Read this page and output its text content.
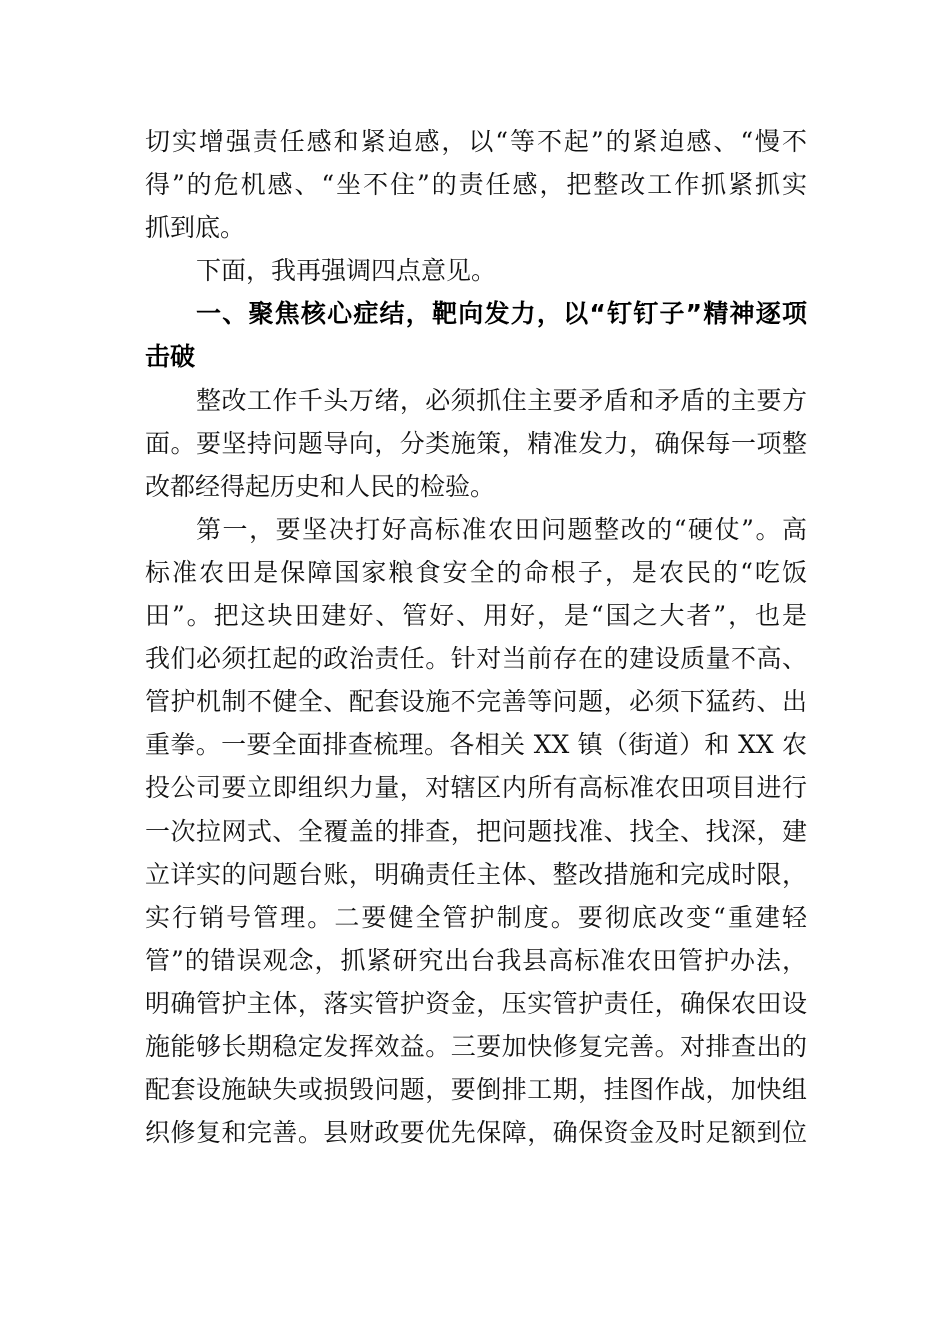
切实增强责任感和紧迫感，以“等不起”的紧迫感、“慢不
得”的危机感、“坐不住”的责任感，把整改工作抓紧抓实
抓到底。
下面，我再强调四点意见。
一、聚焦核心症结，靶向发力，以“钉钉子”精神逐项
击破
整改工作千头万绪，必须抓住主要矛盾和矛盾的主要方
面。要坚持问题导向，分类施策，精准发力，确保每一项整
改都经得起历史和人民的检验。
第一，要坚决打好高标准农田问题整改的“硬仗”。高
标准农田是保障国家粮食安全的命根子，是农民的“吃饭
田”。把这块田建好、管好、用好，是“国之大者”，也是
我们必须扛起的政治责任。针对当前存在的建设质量不高、
管护机制不健全、配套设施不完善等问题，必须下猛药、出
重拳。一要全面排查梳理。各相关 XX 镇（街道）和 XX 农
投公司要立即组织力量，对辖区内所有高标准农田项目进行
一次拉网式、全覆盖的排查，把问题找准、找全、找深，建
立详实的问题台账，明确责任主体、整改措施和完成时限，
实行销号管理。二要健全管护制度。要彻底改变“重建轻
管”的错误观念，抓紧研究出台我县高标准农田管护办法，
明确管护主体，落实管护资金，压实管护责任，确保农田设
施能够长期稳定发挥效益。三要加快修复完善。对排查出的
配套设施缺失或损毁问题，要倒排工期，挂图作战，加快组
织修复和完善。县财政要优先保障，确保资金及时足额到位
